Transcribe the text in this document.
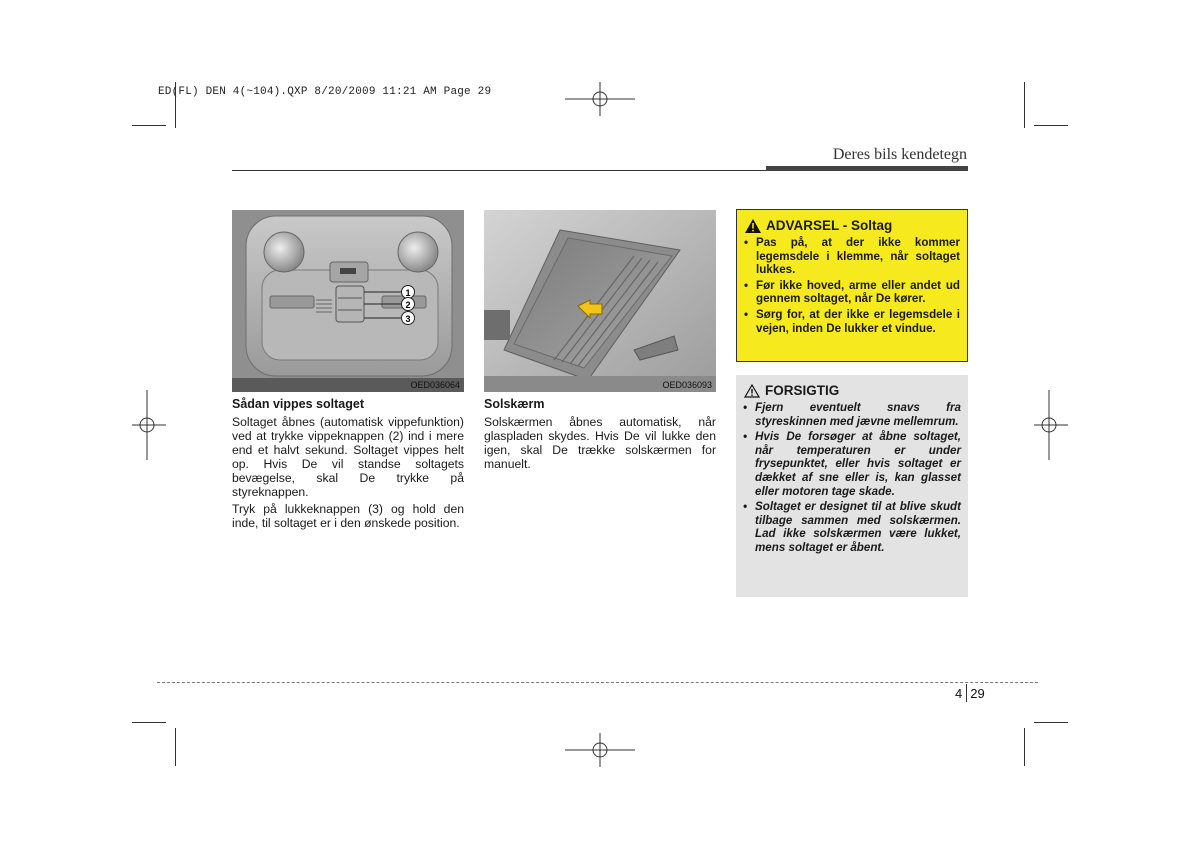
ED(FL) DEN 4(~104).QXP 8/20/2009 11:21 AM Page 29
Deres bils kendetegn
1
2
3
OED036064	OED036093
Sådan vippes soltaget

Soltaget åbnes (automatisk vippefunktion) ved at trykke vippeknappen (2) ind i mere end et halvt sekund. Soltaget vippes helt op. Hvis De vil standse soltagets bevægelse, skal De trykke på styreknappen.

Tryk på lukkeknappen (3) og hold den inde, til soltaget er i den ønskede position.

Solskærm

Solskærmen åbnes automatisk, når glaspladen skydes. Hvis De vil lukke den igen, skal De trække solskærmen for manuelt.

ADVARSEL - Soltag
• Pas på, at der ikke kommer legemsdele i klemme, når soltaget lukkes.
• Før ikke hoved, arme eller andet ud gennem soltaget, når De kører.
• Sørg for, at der ikke er legemsdele i vejen, inden De lukker et vindue.
FORSIGTIG
• Fjern eventuelt snavs fra styreskinnen med jævne mellemrum.
• Hvis De forsøger at åbne soltaget, når temperaturen er under frysepunktet, eller hvis soltaget er dækket af sne eller is, kan glasset eller motoren tage skade.
• Soltaget er designet til at blive skudt tilbage sammen med solskærmen. Lad ikke solskærmen være lukket, mens soltaget er åbent.
4 29
